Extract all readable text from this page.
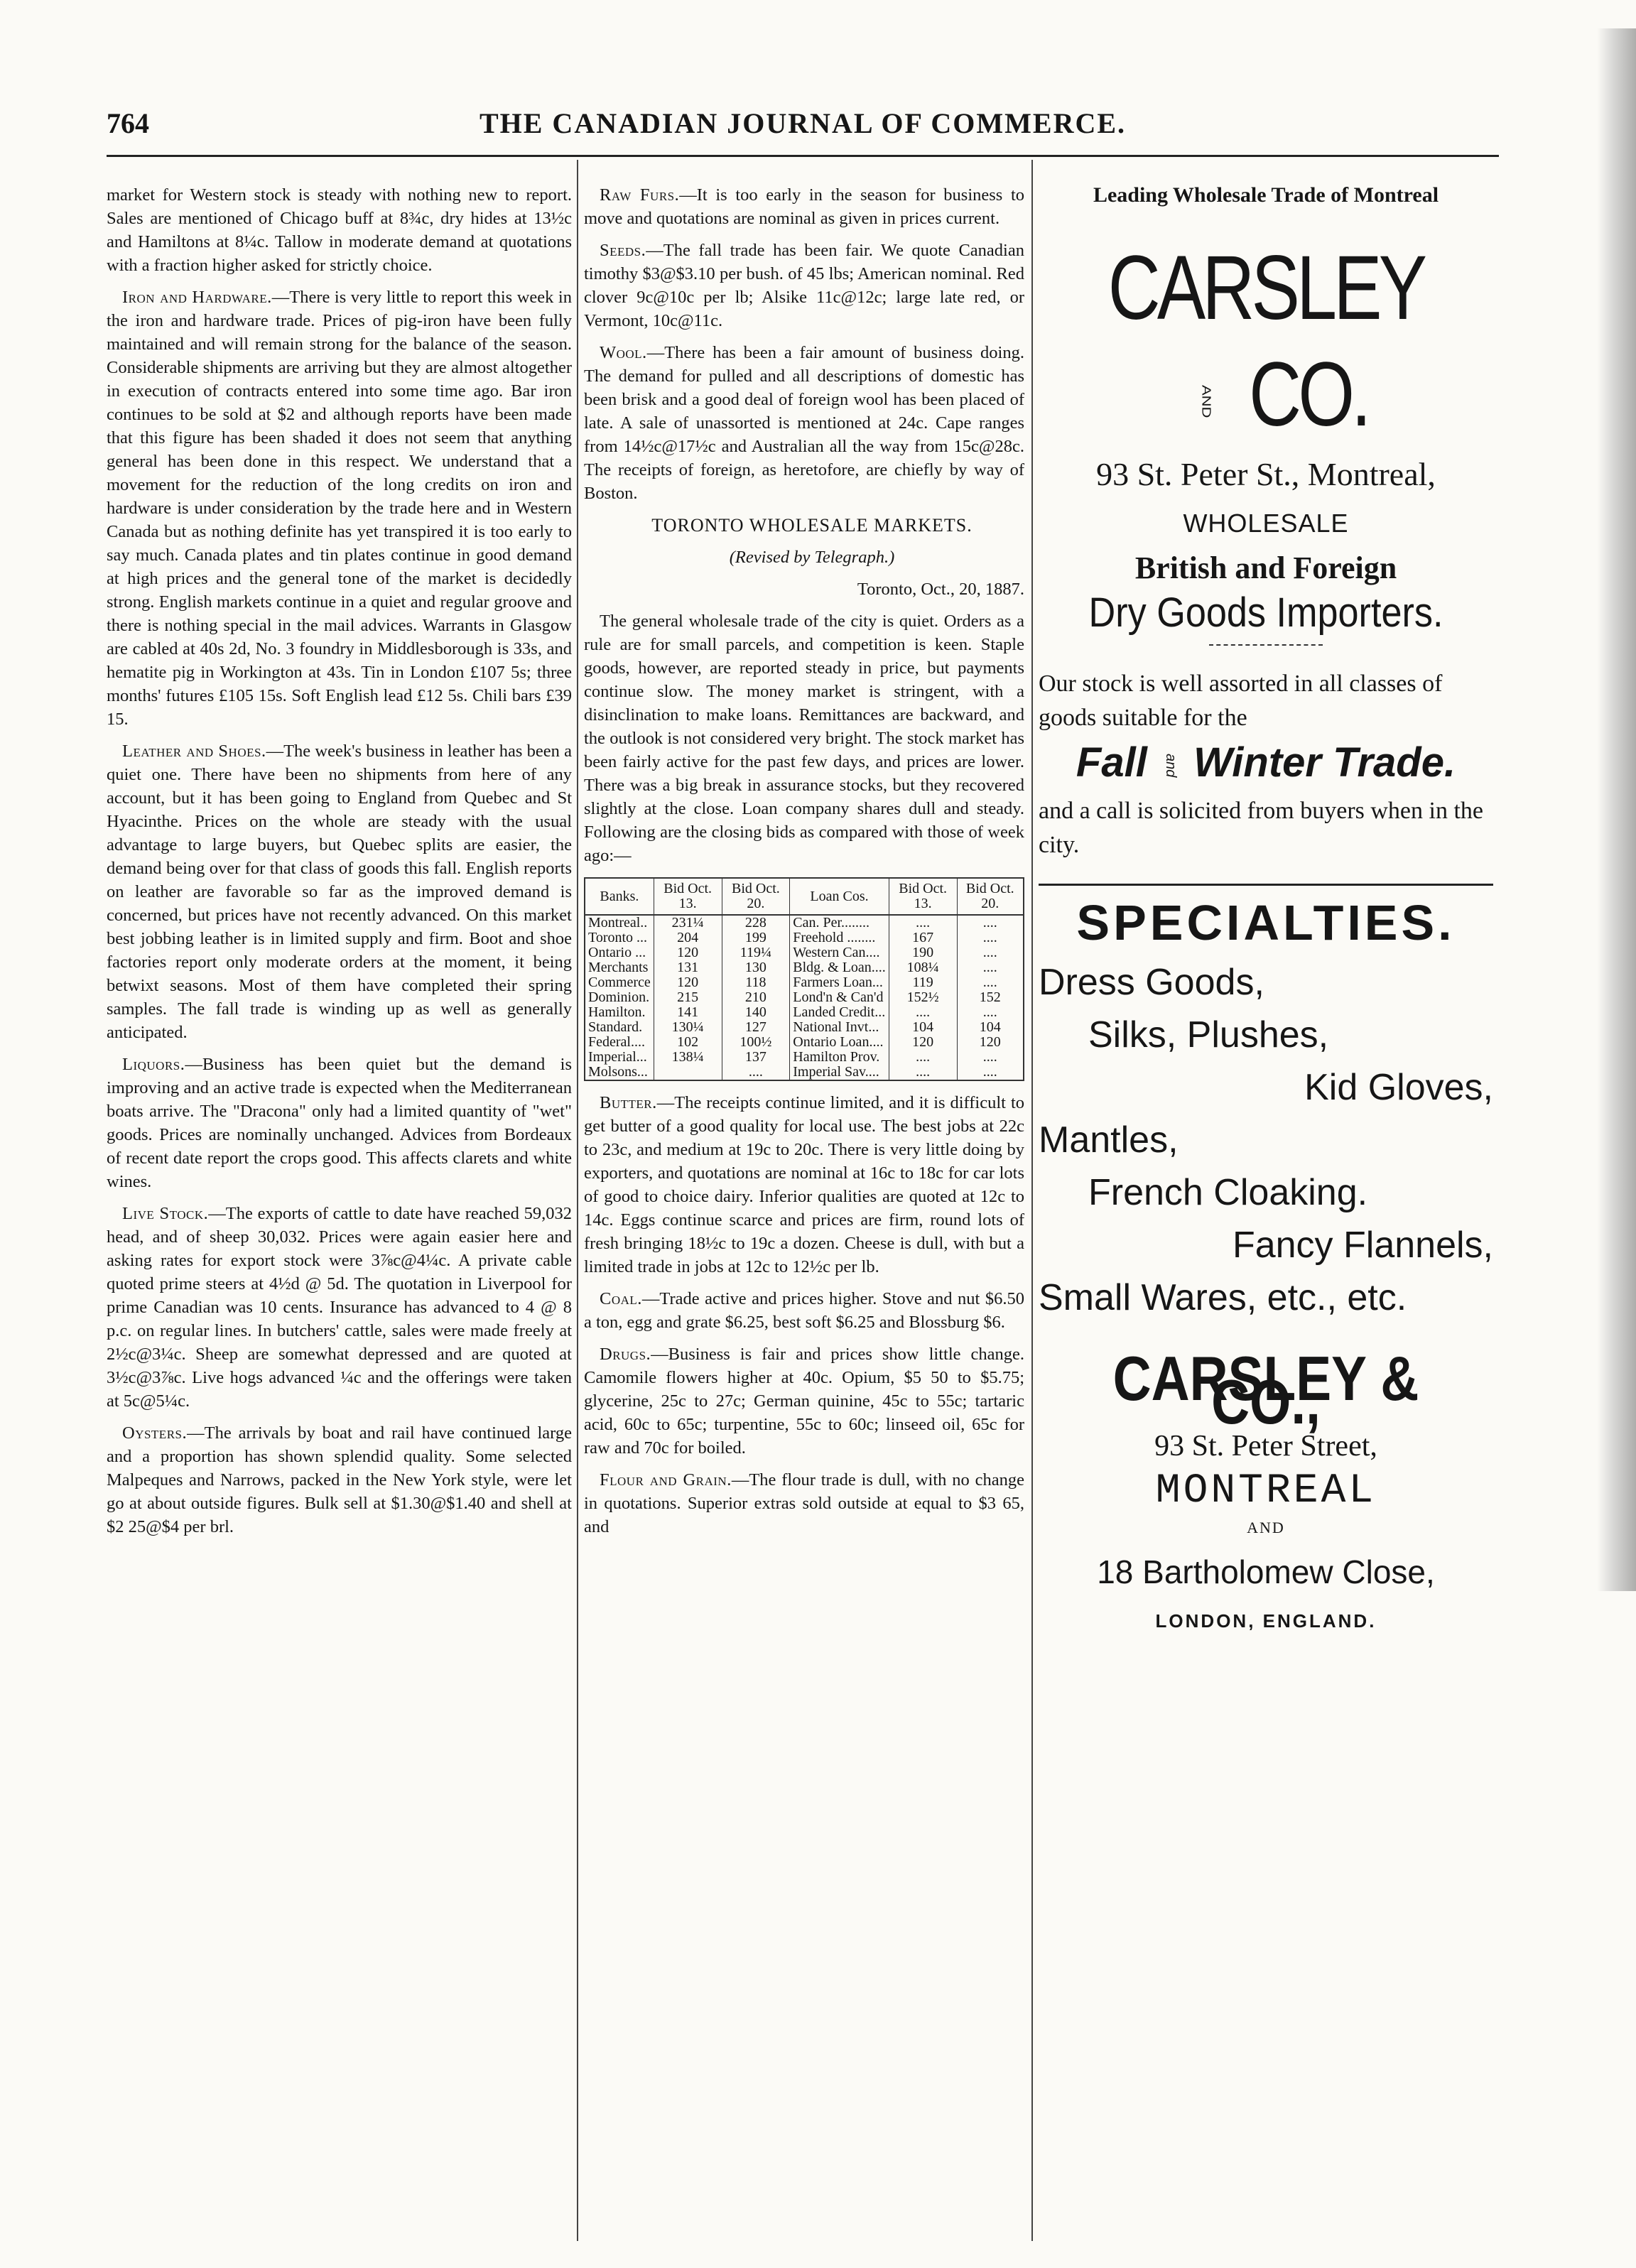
764	THE CANADIAN JOURNAL OF COMMERCE.

market for Western stock is steady with nothing new to report. Sales are mentioned of Chicago buff at 8¾c, dry hides at 13½c and Hamiltons at 8¼c. Tallow in moderate demand at quotations with a fraction higher asked for strictly choice.

Iron and Hardware.—There is very little to report this week in the iron and hardware trade. Prices of pig-iron have been fully maintained and will remain strong for the balance of the season. Considerable shipments are arriving but they are almost altogether in execution of contracts entered into some time ago. Bar iron continues to be sold at $2 and although reports have been made that this figure has been shaded it does not seem that anything general has been done in this respect. We understand that a movement for the reduction of the long credits on iron and hardware is under consideration by the trade here and in Western Canada but as nothing definite has yet transpired it is too early to say much. Canada plates and tin plates continue in good demand at high prices and the general tone of the market is decidedly strong. English markets continue in a quiet and regular groove and there is nothing special in the mail advices. Warrants in Glasgow are cabled at 40s 2d, No. 3 foundry in Middlesborough is 33s, and hematite pig in Workington at 43s. Tin in London £107 5s; three months' futures £105 15s. Soft English lead £12 5s. Chili bars £39 15.

Leather and Shoes.—The week's business in leather has been a quiet one. There have been no shipments from here of any account, but it has been going to England from Quebec and St Hyacinthe. Prices on the whole are steady with the usual advantage to large buyers, but Quebec splits are easier, the demand being over for that class of goods this fall. English reports on leather are favorable so far as the improved demand is concerned, but prices have not recently advanced. On this market best jobbing leather is in limited supply and firm. Boot and shoe factories report only moderate orders at the moment, it being betwixt seasons. Most of them have completed their spring samples. The fall trade is winding up as well as generally anticipated.

Liquors.—Business has been quiet but the demand is improving and an active trade is expected when the Mediterranean boats arrive. The "Dracona" only had a limited quantity of "wet" goods. Prices are nominally unchanged. Advices from Bordeaux of recent date report the crops good. This affects clarets and white wines.

Live Stock.—The exports of cattle to date have reached 59,032 head, and of sheep 30,032. Prices were again easier here and asking rates for export stock were 3⅞c@4¼c. A private cable quoted prime steers at 4½d @ 5d. The quotation in Liverpool for prime Canadian was 10 cents. Insurance has advanced to 4 @ 8 p.c. on regular lines. In butchers' cattle, sales were made freely at 2½c@3¼c. Sheep are somewhat depressed and are quoted at 3½c@3⅞c. Live hogs advanced ¼c and the offerings were taken at 5c@5¼c.

Oysters.—The arrivals by boat and rail have continued large and a proportion has shown splendid quality. Some selected Malpeques and Narrows, packed in the New York style, were let go at about outside figures. Bulk sell at $1.30@$1.40 and shell at $2 25@$4 per brl.

Raw Furs.—It is too early in the season for business to move and quotations are nominal as given in prices current.

Seeds.—The fall trade has been fair. We quote Canadian timothy $3@$3.10 per bush. of 45 lbs; American nominal. Red clover 9c@10c per lb; Alsike 11c@12c; large late red, or Vermont, 10c@11c.

Wool.—There has been a fair amount of business doing. The demand for pulled and all descriptions of domestic has been brisk and a good deal of foreign wool has been placed of late. A sale of unassorted is mentioned at 24c. Cape ranges from 14½c@17½c and Australian all the way from 15c@28c. The receipts of foreign, as heretofore, are chiefly by way of Boston.

TORONTO WHOLESALE MARKETS.

(Revised by Telegraph.)

Toronto, Oct., 20, 1887.

The general wholesale trade of the city is quiet. Orders as a rule are for small parcels, and competition is keen. Staple goods, however, are reported steady in price, but payments continue slow. The money market is stringent, with a disinclination to make loans. Remittances are backward, and the outlook is not considered very bright. The stock market has been fairly active for the past few days, and prices are lower. There was a big break in assurance stocks, but they recovered slightly at the close. Loan company shares dull and steady. Following are the closing bids as compared with those of week ago:—

Banks.	Bid Oct. 13.	Bid Oct. 20.	Loan Cos.	Bid Oct. 13.	Bid Oct. 20.
Montreal..	231¼	228	Can. Per........	....	....
Toronto ...	204	199	Freehold ........	167	....
Ontario ...	120	119¼	Western Can....	190	....
Merchants	131	130	Bldg. & Loan....	108¼	....
Commerce	120	118	Farmers Loan...	119	....
Dominion.	215	210	Lond'n & Can'd	152½	152
Hamilton.	141	140	Landed Credit...	....	....
Standard.	130¼	127	National Invt...	104	104
Federal....	102	100½	Ontario Loan....	120	120
Imperial...	138¼	137	Hamilton Prov.	....	....
Molsons...		....	Imperial Sav....	....	....

Butter.—The receipts continue limited, and it is difficult to get butter of a good quality for local use. The best jobs at 22c to 23c, and medium at 19c to 20c. There is very little doing by exporters, and quotations are nominal at 16c to 18c for car lots of good to choice dairy. Inferior qualities are quoted at 12c to 14c. Eggs continue scarce and prices are firm, round lots of fresh bringing 18½c to 19c a dozen. Cheese is dull, with but a limited trade in jobs at 12c to 12½c per lb.

Coal.—Trade active and prices higher. Stove and nut $6.50 a ton, egg and grate $6.25, best soft $6.25 and Blossburg $6.

Drugs.—Business is fair and prices show little change. Camomile flowers higher at 40c. Opium, $5 50 to $5.75; glycerine, 25c to 27c; German quinine, 45c to 55c; tartaric acid, 60c to 65c; turpentine, 55c to 60c; linseed oil, 65c for raw and 70c for boiled.

Flour and Grain.—The flour trade is dull, with no change in quotations. Superior extras sold outside at equal to $3 65, and

Leading Wholesale Trade of Montreal
CARSLEYAND CO.
93 St. Peter St., Montreal,
WHOLESALE
British and Foreign
Dry Goods Importers.
Our stock is well assorted in all classes of goods suitable for the
Fall and Winter Trade.
and a call is solicited from buyers when in the city.
SPECIALTIES.
Dress Goods,
Silks, Plushes,
Kid Gloves,
Mantles,
French Cloaking.
Fancy Flannels,
Small Wares, etc., etc.
CARSLEY & CO.,
93 St. Peter Street,
MONTREAL
AND
18 Bartholomew Close,
LONDON, ENGLAND.
